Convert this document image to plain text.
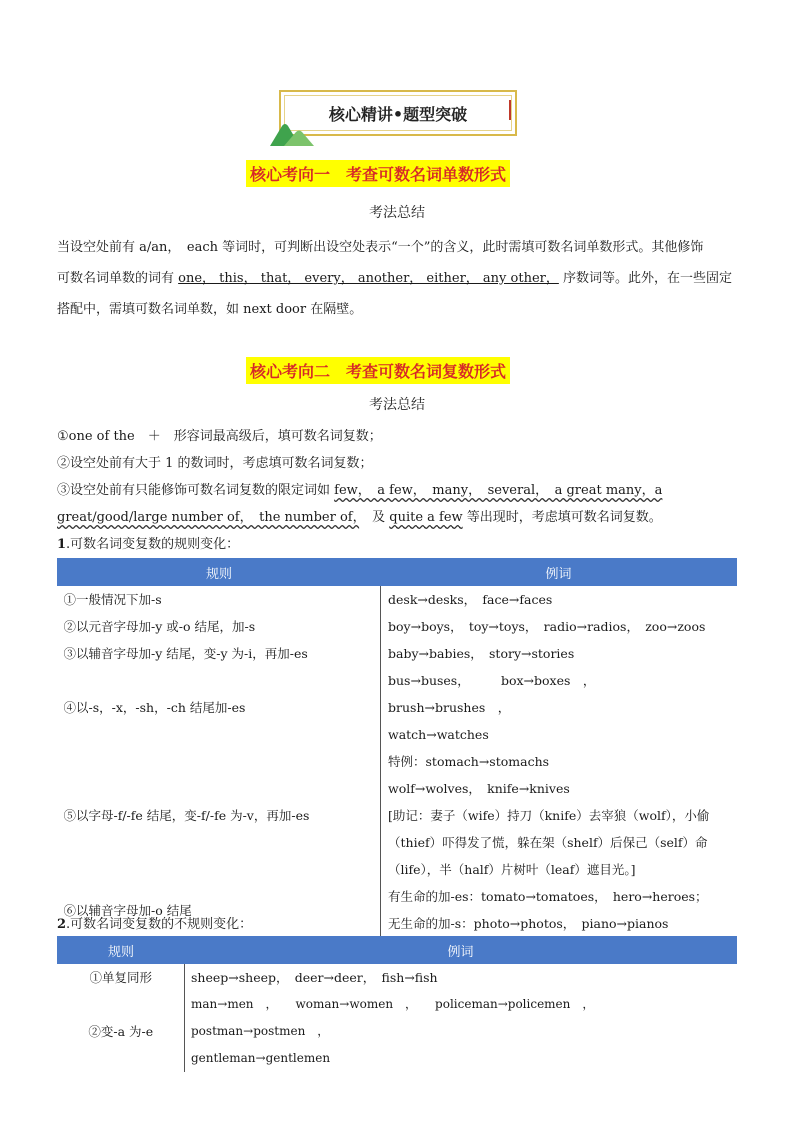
核心精讲•题型突破
核心考向一　考查可数名词单数形式
考法总结
当设空处前有 a/an，　each 等词时，可判断出设空处表示“一个”的含义，此时需填可数名词单数形式。其他修饰
可数名词单数的词有 one， this， that， every， another， either， any other， 序数词等。此外，在一些固定
搭配中，需填可数名词单数，如 next door 在隔壁。
核心考向二　考查可数名词复数形式
考法总结
①one of the　＋　形容词最高级后，填可数名词复数；
②设空处前有大于 1 的数词时，考虑填可数名词复数；
③设空处前有只能修饰可数名词复数的限定词如 few，　a few，　many，　several，　a great many，a
great/good/large number of，　the number of，　及 quite a few 等出现时，考虑填可数名词复数。
1.可数名词变复数的规则变化：
规则	例词
①一般情况下加-s	desk→desks，　face→faces
②以元音字母加-y 或-o 结尾，加-s	boy→boys，　toy→toys，　radio→radios，　zoo→zoos
③以辅音字母加-y 结尾，变-y 为-i，再加-es	baby→babies，　story→stories
④以-s，-x，-sh，-ch 结尾加-es	bus→buses，　　　box→boxes　，　　　brush→brushes　，
watch→watches

⑤以字母-f/-fe 结尾，变-f/-fe 为-v，再加-es	特例：stomach→stomachs
wolf→wolves，　knife→knives
[助记：妻子（wife）持刀（knife）去宰狼（wolf），小偷
（thief）吓得发了慌，躲在架（shelf）后保己（self）命
（life），半（half）片树叶（leaf）遮目光。]

⑥以辅音字母加-o 结尾	有生命的加-es：tomato→tomatoes，　hero→heroes；
无生命的加-s：photo→photos，　piano→pianos
2.可数名词变复数的不规则变化：
规则	例词
①单复同形	sheep→sheep，　deer→deer，　fish→fish
②变-a 为-e	man→men　，　　woman→women　，　　policeman→policemen　，　　postman→postmen　，
gentleman→gentlemen
